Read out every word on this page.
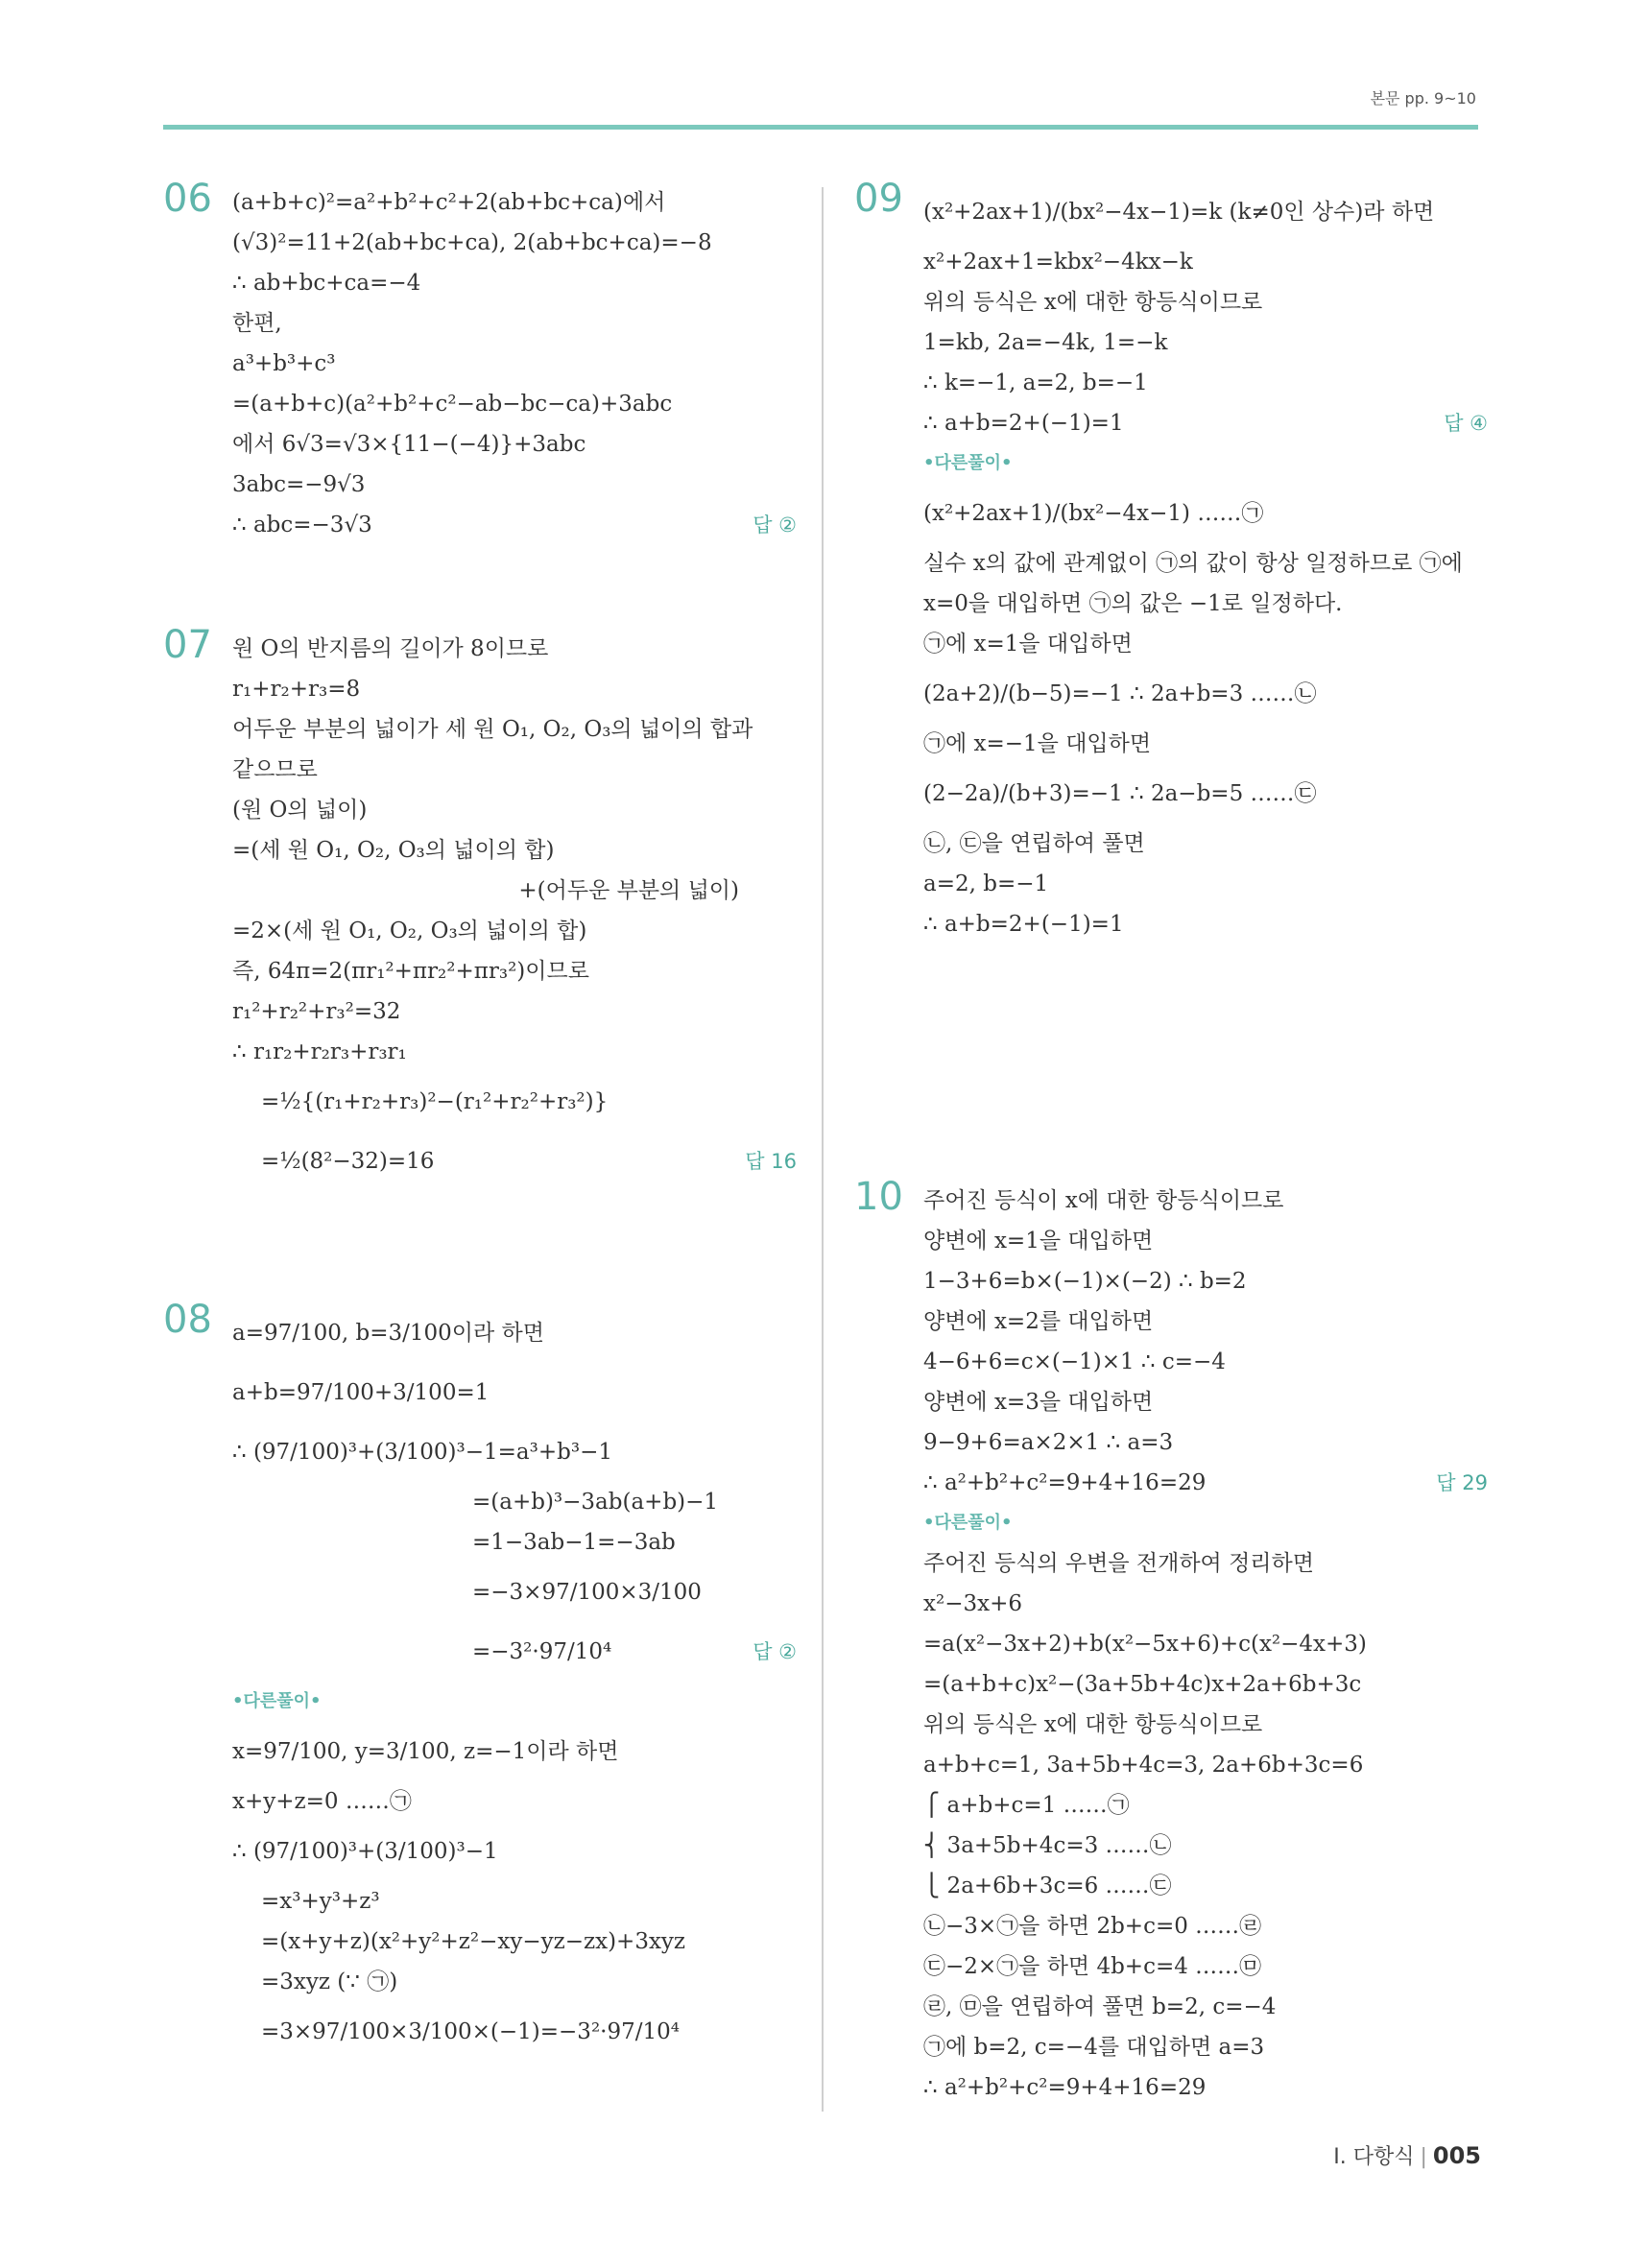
본문 pp. 9~10
06 (a+b+c)²=a²+b²+c²+2(ab+bc+ca)에서
(√3)²=11+2(ab+bc+ca), 2(ab+bc+ca)=−8
∴ ab+bc+ca=−4
한편,
a³+b³+c³
=(a+b+c)(a²+b²+c²−ab−bc−ca)+3abc
에서 6√3=√3×{11−(−4)}+3abc
3abc=−9√3
∴ abc=−3√3	답 ②
07 원 O의 반지름의 길이가 8이므로
r₁+r₂+r₃=8
어두운 부분의 넓이가 세 원 O₁, O₂, O₃의 넓이의 합과
같으므로
(원 O의 넓이)
=(세 원 O₁, O₂, O₃의 넓이의 합)
+(어두운 부분의 넓이)
=2×(세 원 O₁, O₂, O₃의 넓이의 합)
즉, 64π=2(πr₁²+πr₂²+πr₃²)이므로
r₁²+r₂²+r₃²=32
∴ r₁r₂+r₂r₃+r₃r₁
=½{(r₁+r₂+r₃)²−(r₁²+r₂²+r₃²)}
=½(8²−32)=16	답 16
08 a=97/100, b=3/100이라 하면
a+b=97/100+3/100=1
∴ (97/100)³+(3/100)³−1=a³+b³−1
=(a+b)³−3ab(a+b)−1
=1−3ab−1=−3ab
=−3×97/100×3/100
=−3²·97/10⁴	답 ②
•다른풀이•
x=97/100, y=3/100, z=−1이라 하면
x+y+z=0 ……㉠
∴ (97/100)³+(3/100)³−1
=x³+y³+z³
=(x+y+z)(x²+y²+z²−xy−yz−zx)+3xyz
=3xyz (∵ ㉠)
=3×97/100×3/100×(−1)=−3²·97/10⁴
09 (x²+2ax+1)/(bx²−4x−1)=k (k≠0인 상수)라 하면
x²+2ax+1=kbx²−4kx−k
위의 등식은 x에 대한 항등식이므로
1=kb, 2a=−4k, 1=−k
∴ k=−1, a=2, b=−1
∴ a+b=2+(−1)=1	답 ④
•다른풀이•
(x²+2ax+1)/(bx²−4x−1) ……㉠
실수 x의 값에 관계없이 ㉠의 값이 항상 일정하므로 ㉠에
x=0을 대입하면 ㉠의 값은 −1로 일정하다.
㉠에 x=1을 대입하면
(2a+2)/(b−5)=−1 ∴ 2a+b=3 ……㉡
㉠에 x=−1을 대입하면
(2−2a)/(b+3)=−1 ∴ 2a−b=5 ……㉢
㉡, ㉢을 연립하여 풀면
a=2, b=−1
∴ a+b=2+(−1)=1
10 주어진 등식이 x에 대한 항등식이므로
양변에 x=1을 대입하면
1−3+6=b×(−1)×(−2) ∴ b=2
양변에 x=2를 대입하면
4−6+6=c×(−1)×1 ∴ c=−4
양변에 x=3을 대입하면
9−9+6=a×2×1 ∴ a=3
∴ a²+b²+c²=9+4+16=29	답 29
•다른풀이•
주어진 등식의 우변을 전개하여 정리하면
x²−3x+6
=a(x²−3x+2)+b(x²−5x+6)+c(x²−4x+3)
=(a+b+c)x²−(3a+5b+4c)x+2a+6b+3c
위의 등식은 x에 대한 항등식이므로
a+b+c=1, 3a+5b+4c=3, 2a+6b+3c=6
⎧ a+b+c=1 ……㉠
⎨ 3a+5b+4c=3 ……㉡
⎩ 2a+6b+3c=6 ……㉢
㉡−3×㉠을 하면 2b+c=0 ……㉣
㉢−2×㉠을 하면 4b+c=4 ……㉤
㉣, ㉤을 연립하여 풀면 b=2, c=−4
㉠에 b=2, c=−4를 대입하면 a=3
∴ a²+b²+c²=9+4+16=29
I. 다항식 | 005
